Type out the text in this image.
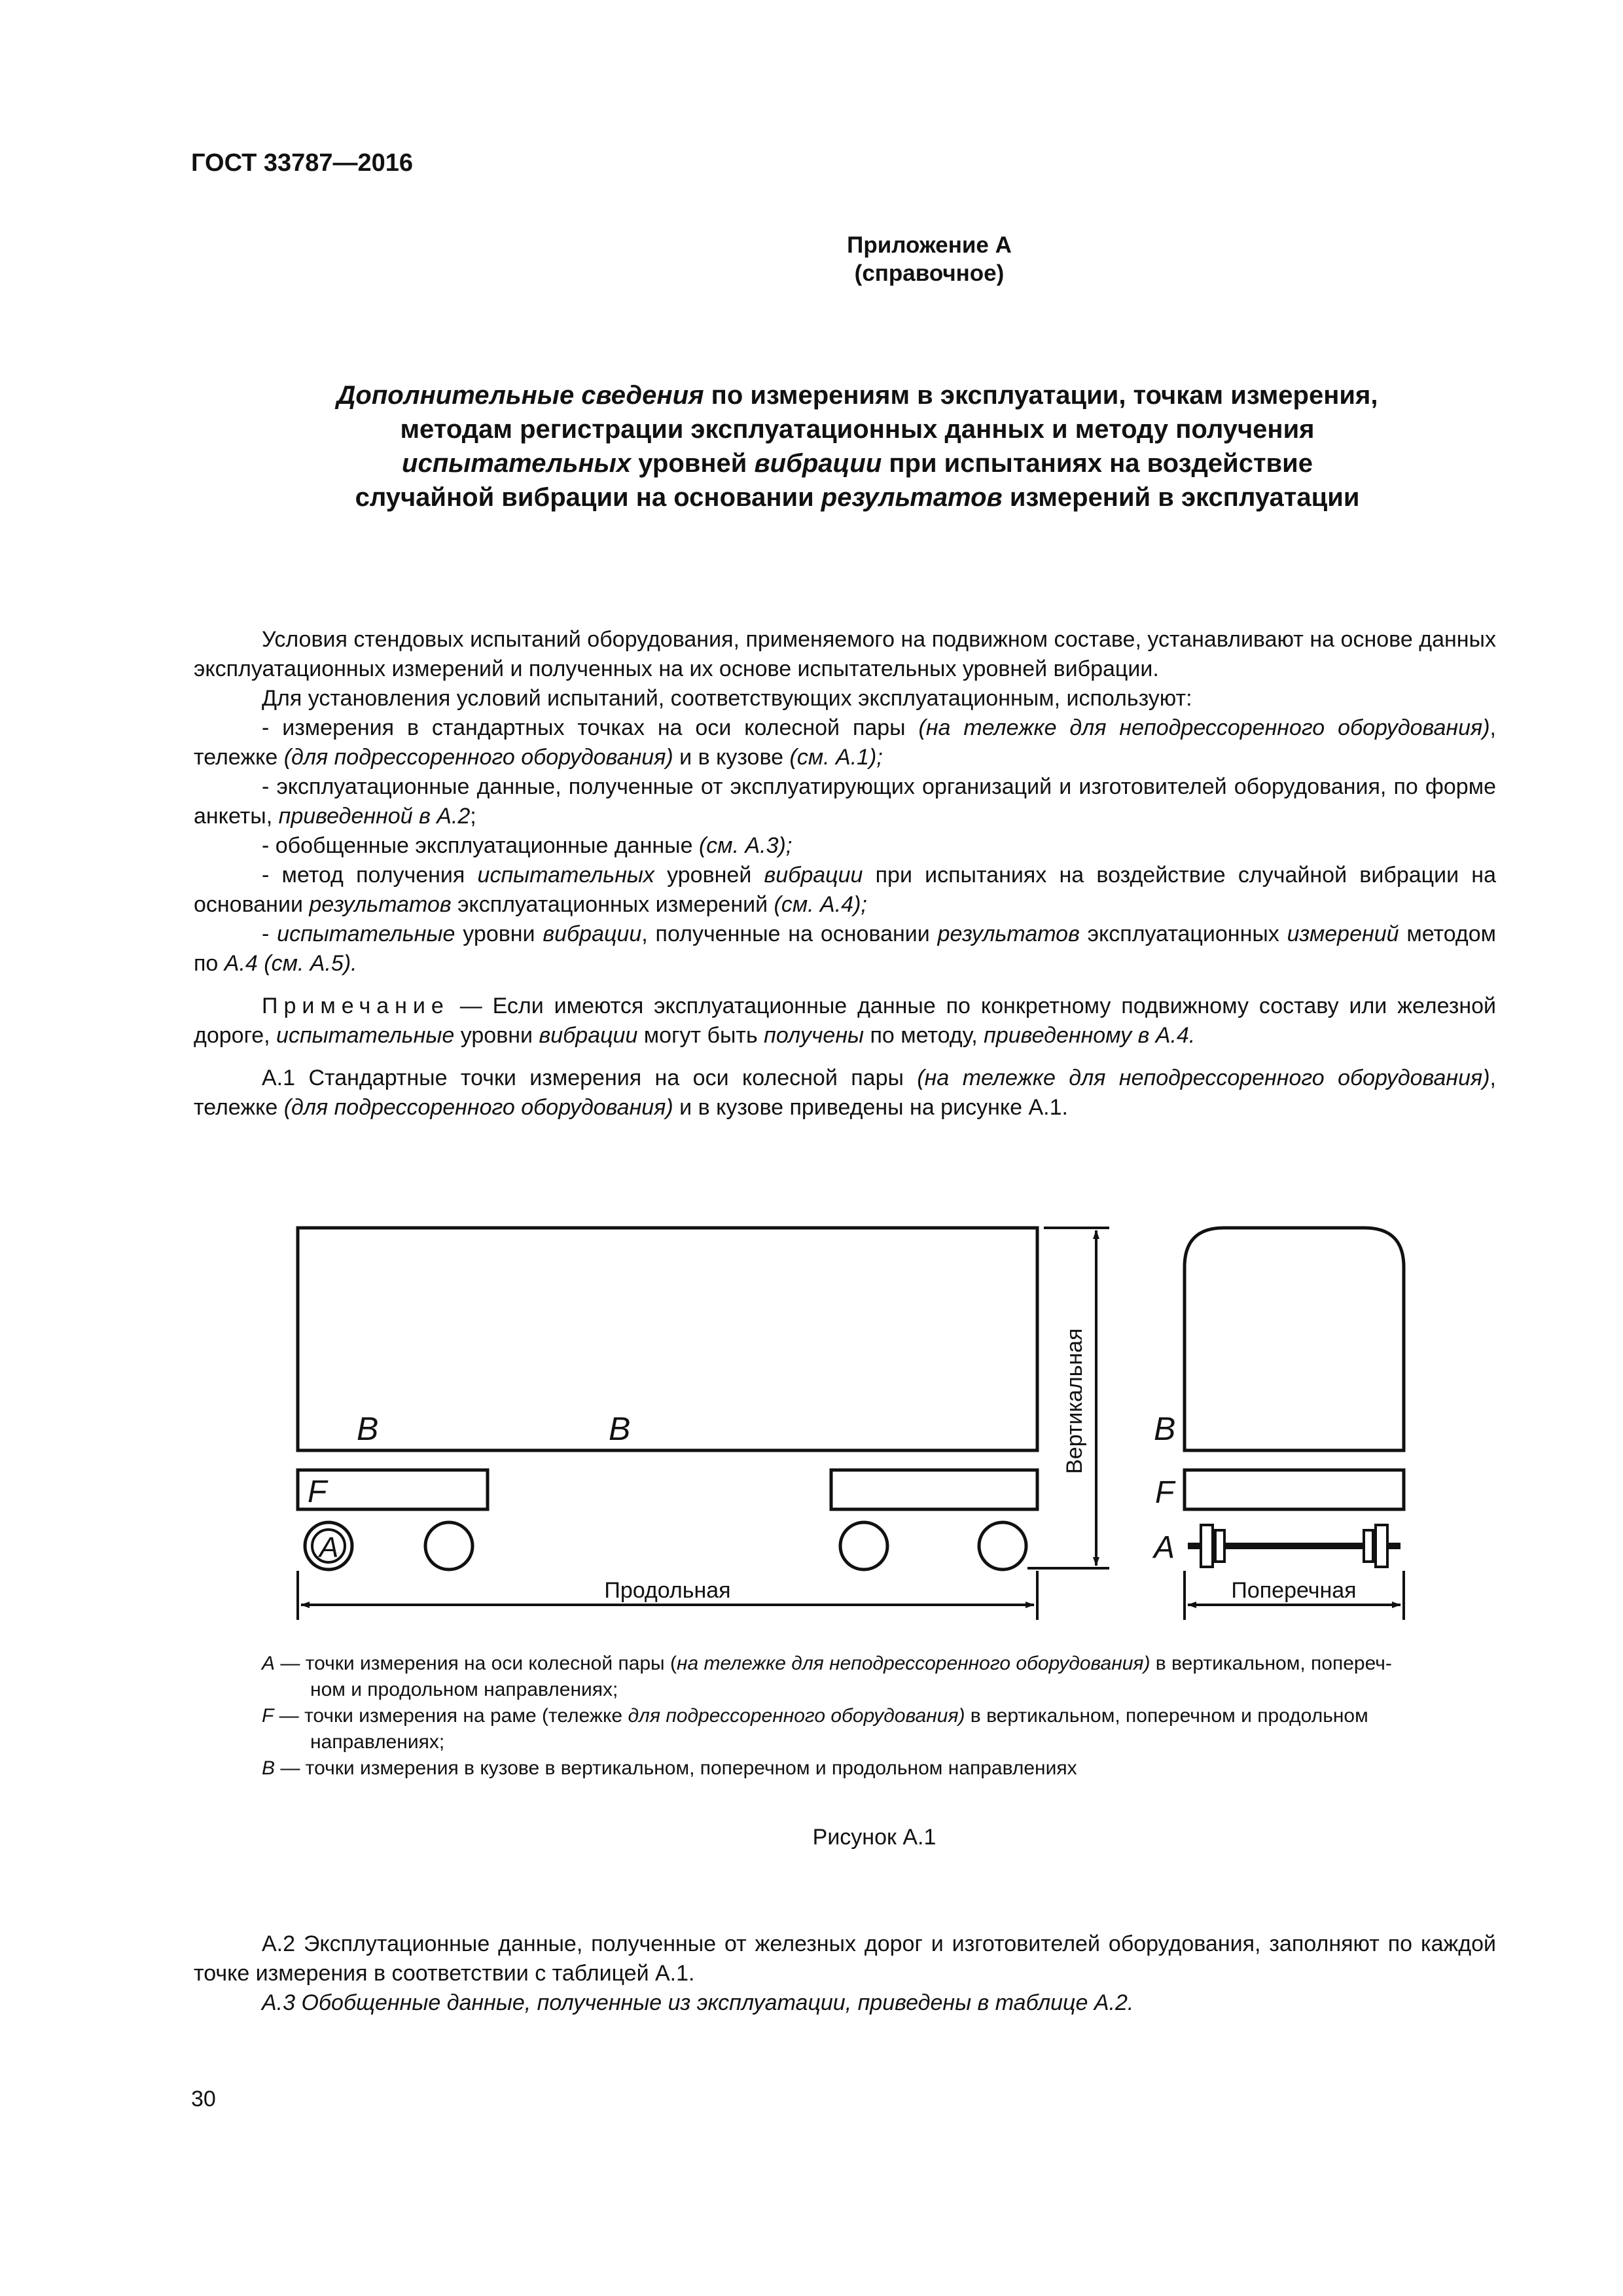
ГОСТ 33787—2016
Приложение А
(справочное)
Дополнительные сведения по измерениям в эксплуатации, точкам измерения,
методам регистрации эксплуатационных данных и методу получения
испытательных уровней вибрации при испытаниях на воздействие
случайной вибрации на основании результатов измерений в эксплуатации

Условия стендовых испытаний оборудования, применяемого на подвижном составе, устанавливают на основе данных эксплуатационных измерений и полученных на их основе испытательных уровней вибрации.

Для установления условий испытаний, соответствующих эксплуатационным, используют:

- измерения в стандартных точках на оси колесной пары (на тележке для неподрессоренного оборудования), тележке (для подрессоренного оборудования) и в кузове (см. А.1);

- эксплуатационные данные, полученные от эксплуатирующих организаций и изготовителей оборудования, по форме анкеты, приведенной в А.2;

- обобщенные эксплуатационные данные (см. А.3);

- метод получения испытательных уровней вибрации при испытаниях на воздействие случайной вибрации на основании результатов эксплуатационных измерений (см. А.4);

- испытательные уровни вибрации, полученные на основании результатов эксплуатационных измерений методом по А.4 (см. А.5).

Примечание — Если имеются эксплуатационные данные по конкретному подвижному составу или железной дороге, испытательные уровни вибрации могут быть получены по методу, приведенному в А.4.

А.1 Стандартные точки измерения на оси колесной пары (на тележке для неподрессоренного оборудования), тележке (для подрессоренного оборудования) и в кузове приведены на рисунке А.1.

B	B
F
A
B
F
A
Вертикальная
Продольная	Поперечная
А — точки измерения на оси колесной пары (на тележке для неподрессоренного оборудования) в вертикальном, попереч-
ном и продольном направлениях;
F — точки измерения на раме (тележке для подрессоренного оборудования) в вертикальном, поперечном и продольном
направлениях;
В — точки измерения в кузове в вертикальном, поперечном и продольном направлениях
Рисунок А.1

А.2 Эксплутационные данные, полученные от железных дорог и изготовителей оборудования, заполняют по каждой точке измерения в соответствии с таблицей А.1.

А.3 Обобщенные данные, полученные из эксплуатации, приведены в таблице А.2.

30
